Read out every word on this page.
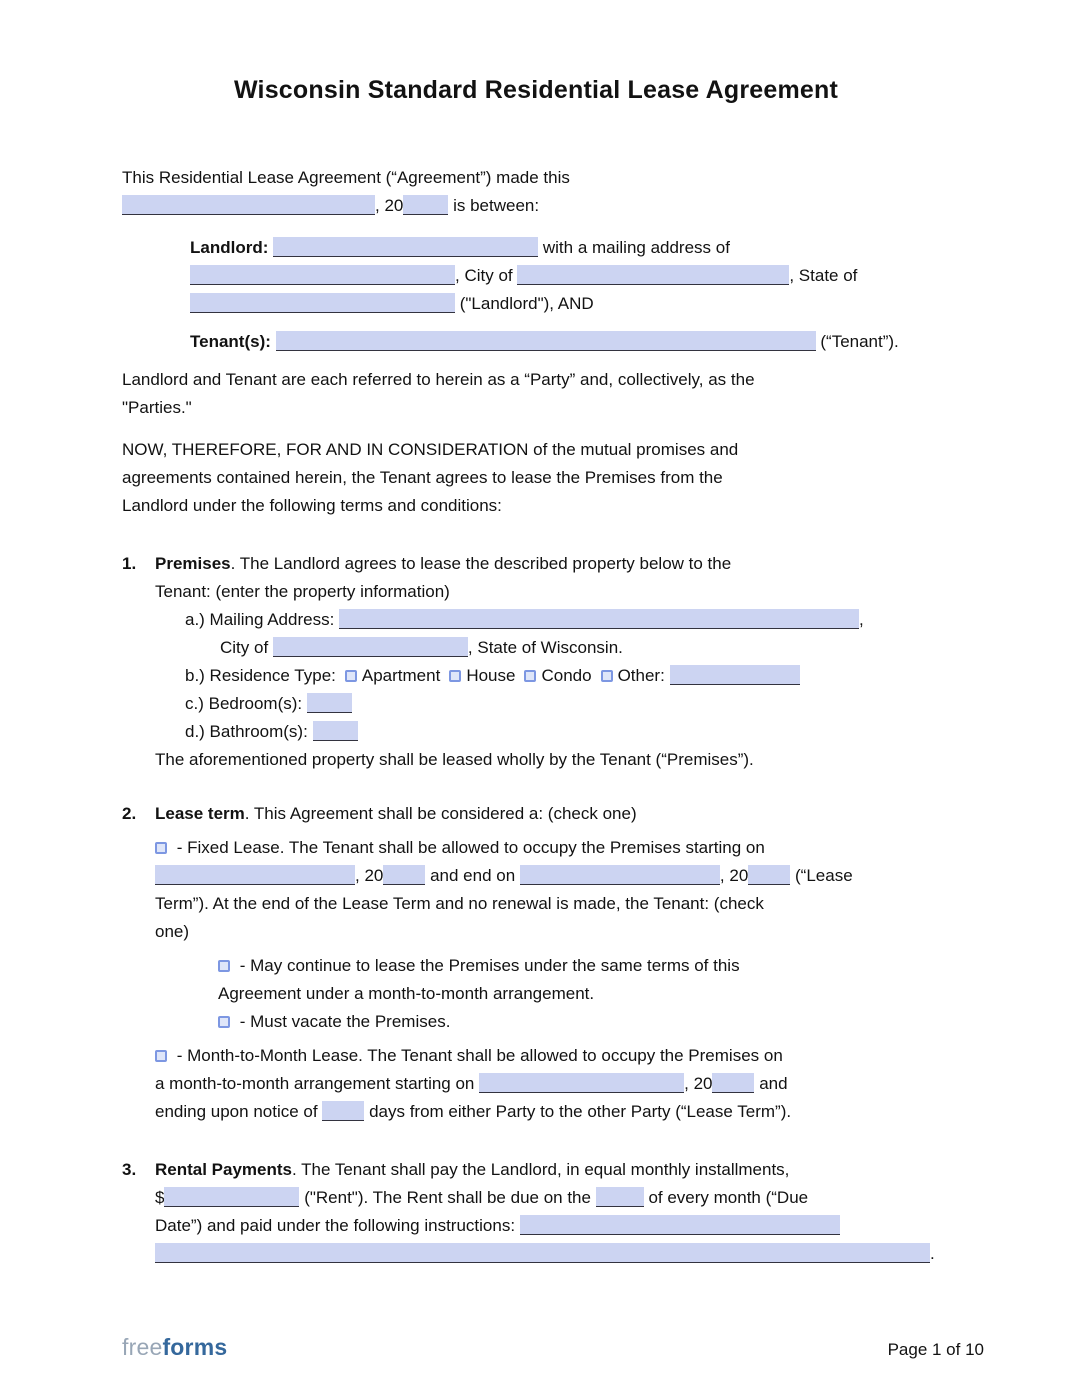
Wisconsin Standard Residential Lease Agreement

This Residential Lease Agreement (“Agreement”) made this
, 20	is between:

Landlord:	with a mailing address of
, City of	, State of
("Landlord"), AND

Tenant(s):	(“Tenant”).

Landlord and Tenant are each referred to herein as a “Party” and, collectively, as the
"Parties."

NOW, THEREFORE, FOR AND IN CONSIDERATION of the mutual promises and
agreements contained herein, the Tenant agrees to lease the Premises from the
Landlord under the following terms and conditions:

1.	Premises. The Landlord agrees to lease the described property below to the
Tenant: (enter the property information)
a.) Mailing Address:	,
City of	, State of Wisconsin.
b.) Residence Type: Apartment House Condo Other:
c.) Bedroom(s):
d.) Bathroom(s):
The aforementioned property shall be leased wholly by the Tenant (“Premises”).
2.	Lease term. This Agreement shall be considered a: (check one)
- Fixed Lease. The Tenant shall be allowed to occupy the Premises starting on
, 20	and end on	, 20	(“Lease
Term”). At the end of the Lease Term and no renewal is made, the Tenant: (check
one)
- May continue to lease the Premises under the same terms of this
Agreement under a month-to-month arrangement.
- Must vacate the Premises.
- Month-to-Month Lease. The Tenant shall be allowed to occupy the Premises on
a month-to-month arrangement starting on	, 20	and
ending upon notice of	days from either Party to the other Party (“Lease Term”).
3.	Rental Payments. The Tenant shall pay the Landlord, in equal monthly installments,
$	("Rent"). The Rent shall be due on the	of every month (“Due
Date”) and paid under the following instructions:
.
freeforms	Page 1 of 10
